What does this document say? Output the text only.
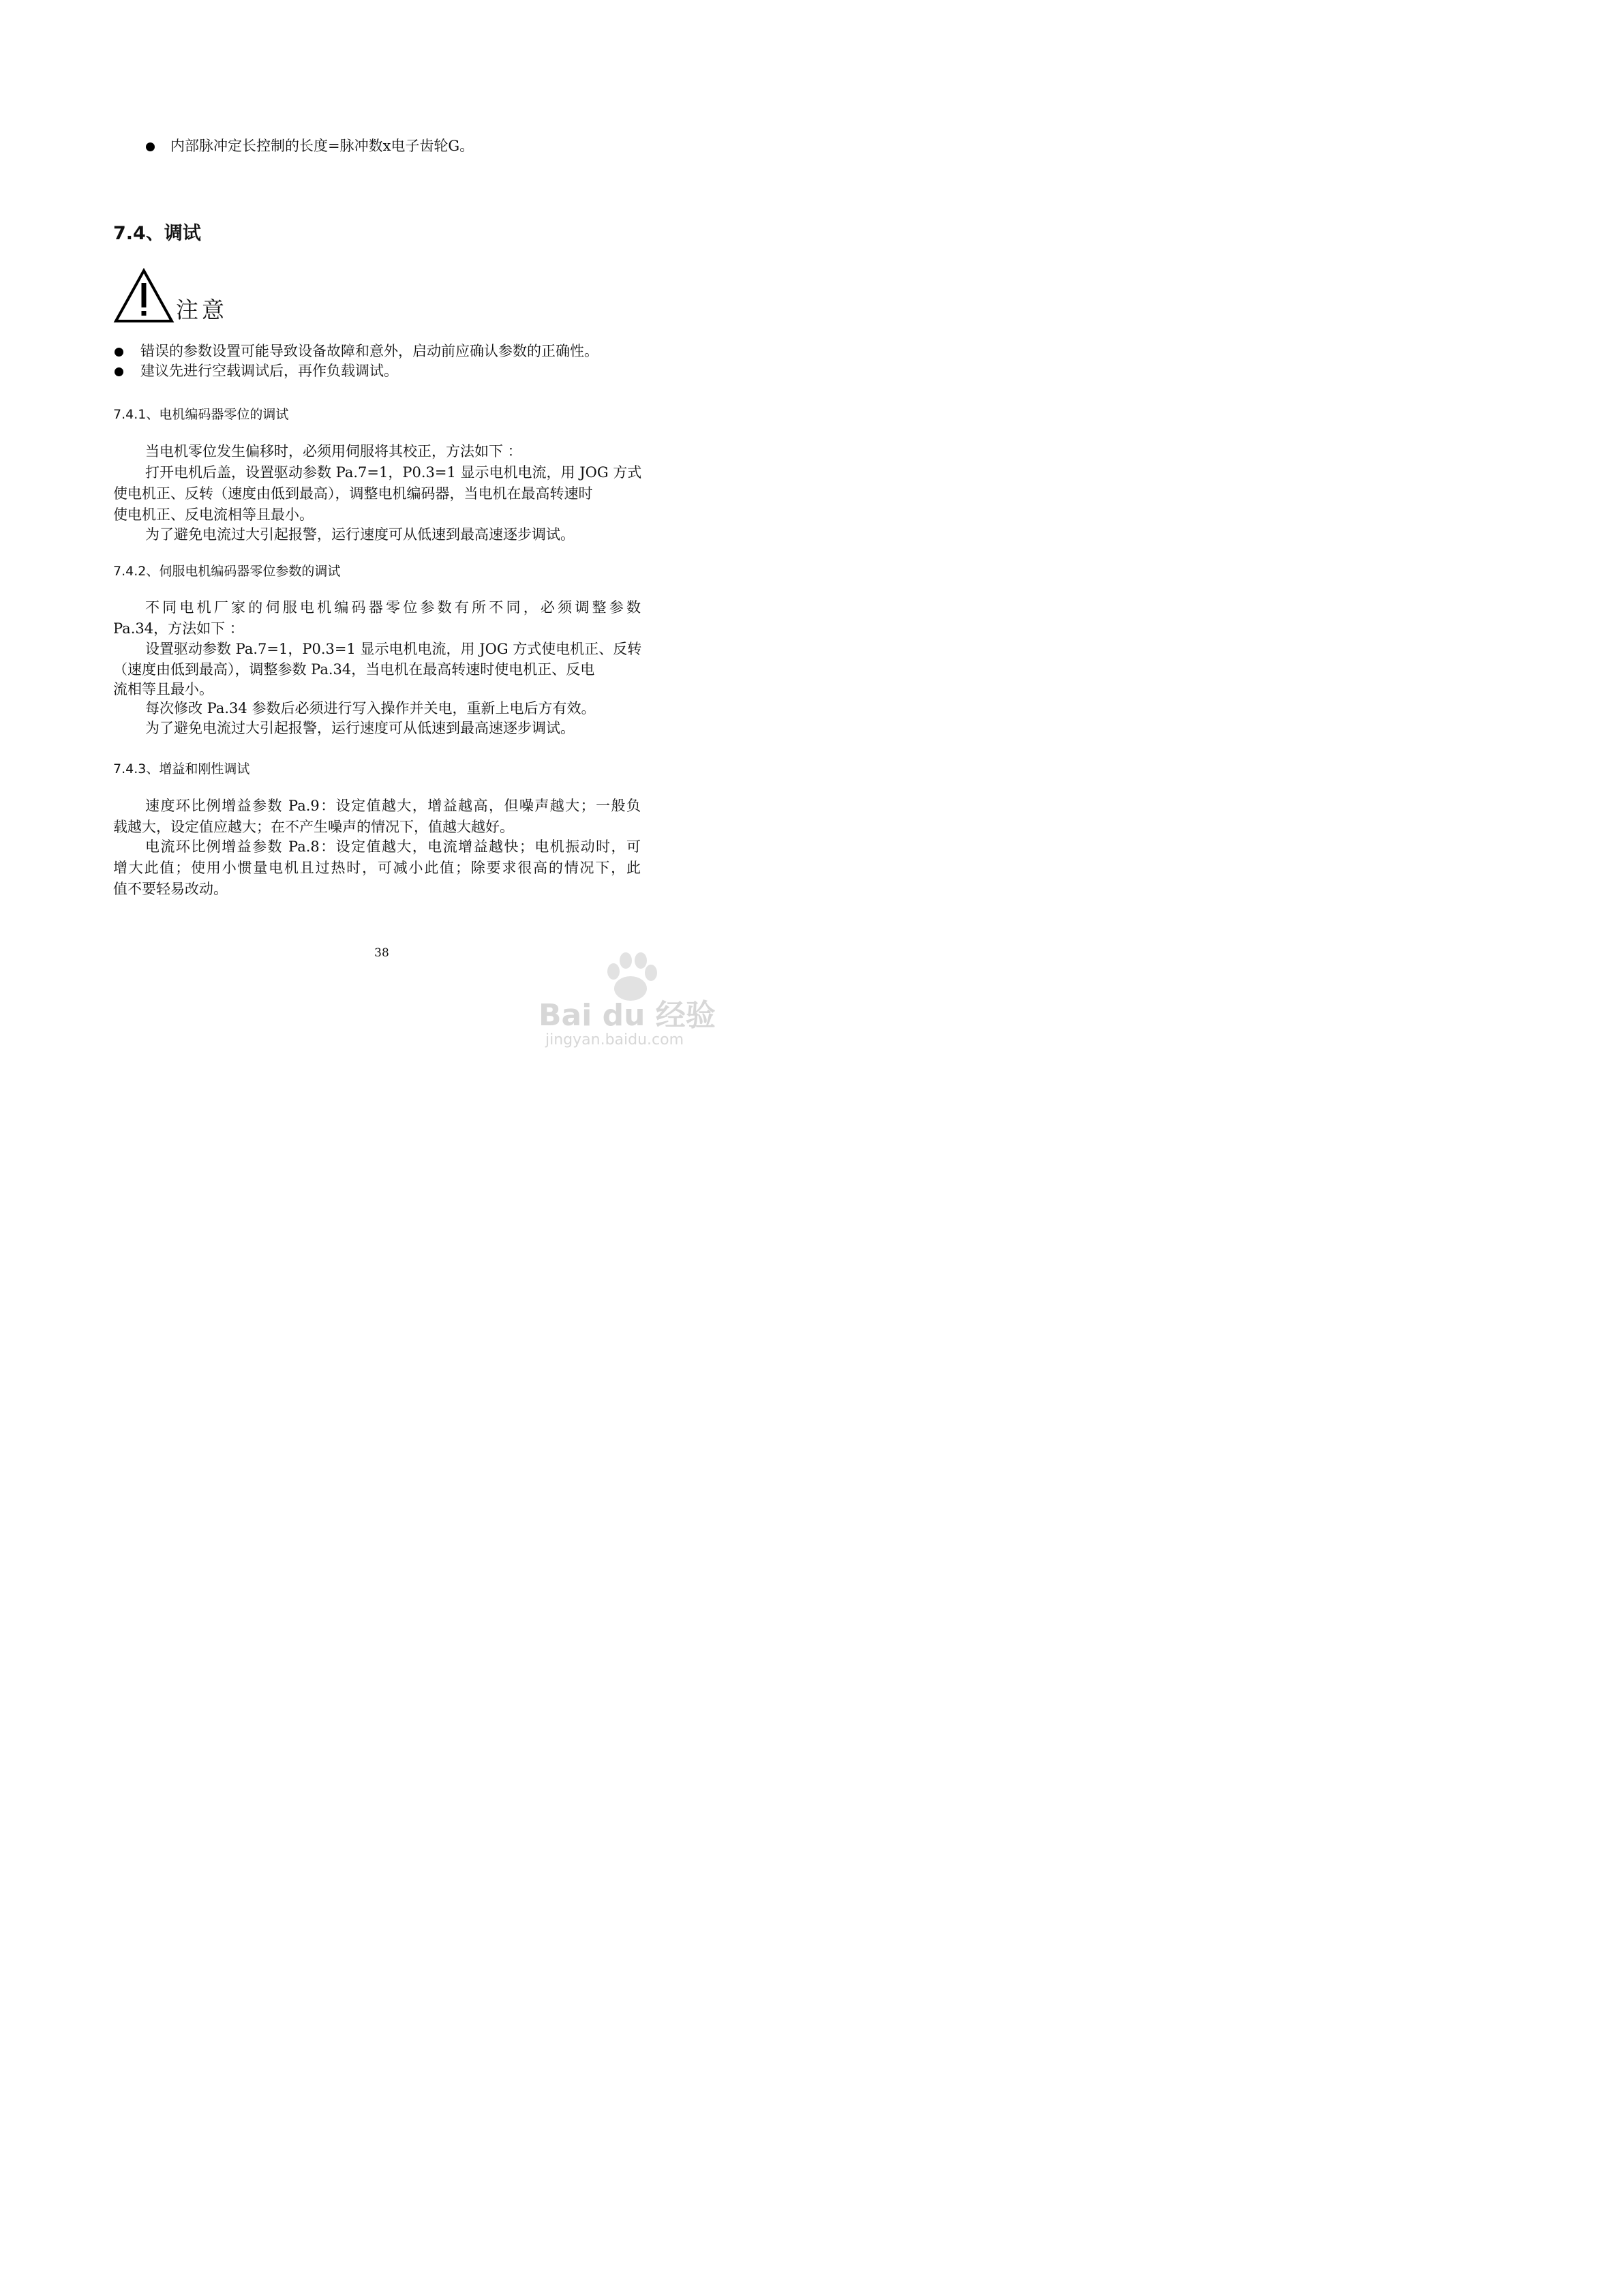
内部脉冲定长控制的长度=脉冲数x电子齿轮G。
7.4、调试
注意
错误的参数设置可能导致设备故障和意外，启动前应确认参数的正确性。
建议先进行空载调试后，再作负载调试。
7.4.1、电机编码器零位的调试
当电机零位发生偏移时，必须用伺服将其校正，方法如下 ：
打开电机后盖，设置驱动参数 Pa.7=1，P0.3=1 显示电机电流，用 JOG 方式
使电机正、反转（速度由低到最高），调整电机编码器，当电机在最高转速时
使电机正、反电流相等且最小。
为了避免电流过大引起报警，运行速度可从低速到最高速逐步调试。
7.4.2、伺服电机编码器零位参数的调试
不同电机厂家的伺服电机编码器零位参数有所不同，必须调整参数
Pa.34，方法如下 ：
设置驱动参数 Pa.7=1，P0.3=1 显示电机电流，用 JOG 方式使电机正、反转
（速度由低到最高），调整参数 Pa.34，当电机在最高转速时使电机正、反电
流相等且最小。
每次修改 Pa.34 参数后必须进行写入操作并关电，重新上电后方有效。
为了避免电流过大引起报警，运行速度可从低速到最高速逐步调试。
7.4.3、增益和刚性调试
速度环比例增益参数 Pa.9：设定值越大，增益越高，但噪声越大；一般负
载越大，设定值应越大；在不产生噪声的情况下，值越大越好。
电流环比例增益参数 Pa.8：设定值越大，电流增益越快；电机振动时，可
增大此值；使用小惯量电机且过热时，可减小此值；除要求很高的情况下，此
值不要轻易改动。
38
Bai du 经验
jingyan.baidu.com
